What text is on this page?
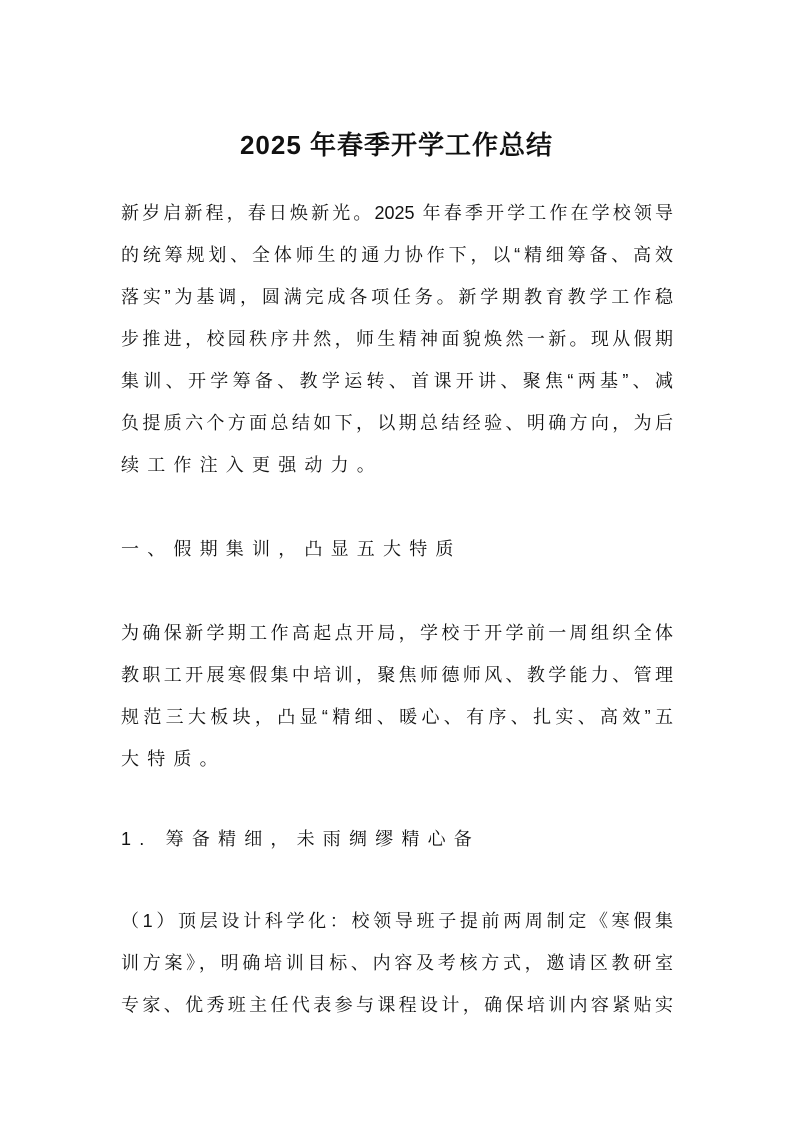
2025 年春季开学工作总结
新岁启新程，春日焕新光。2025 年春季开学工作在学校领导
的统筹规划、全体师生的通力协作下，以“精细筹备、高效
落实”为基调，圆满完成各项任务。新学期教育教学工作稳
步推进，校园秩序井然，师生精神面貌焕然一新。现从假期
集训、开学筹备、教学运转、首课开讲、聚焦“两基”、减
负提质六个方面总结如下，以期总结经验、明确方向，为后
续工作注入更强动力。
一、假期集训，凸显五大特质
为确保新学期工作高起点开局，学校于开学前一周组织全体
教职工开展寒假集中培训，聚焦师德师风、教学能力、管理
规范三大板块，凸显“精细、暖心、有序、扎实、高效”五
大特质。
1. 筹备精细，未雨绸缪精心备
（1）顶层设计科学化：校领导班子提前两周制定《寒假集
训方案》，明确培训目标、内容及考核方式，邀请区教研室
专家、优秀班主任代表参与课程设计，确保培训内容紧贴实
